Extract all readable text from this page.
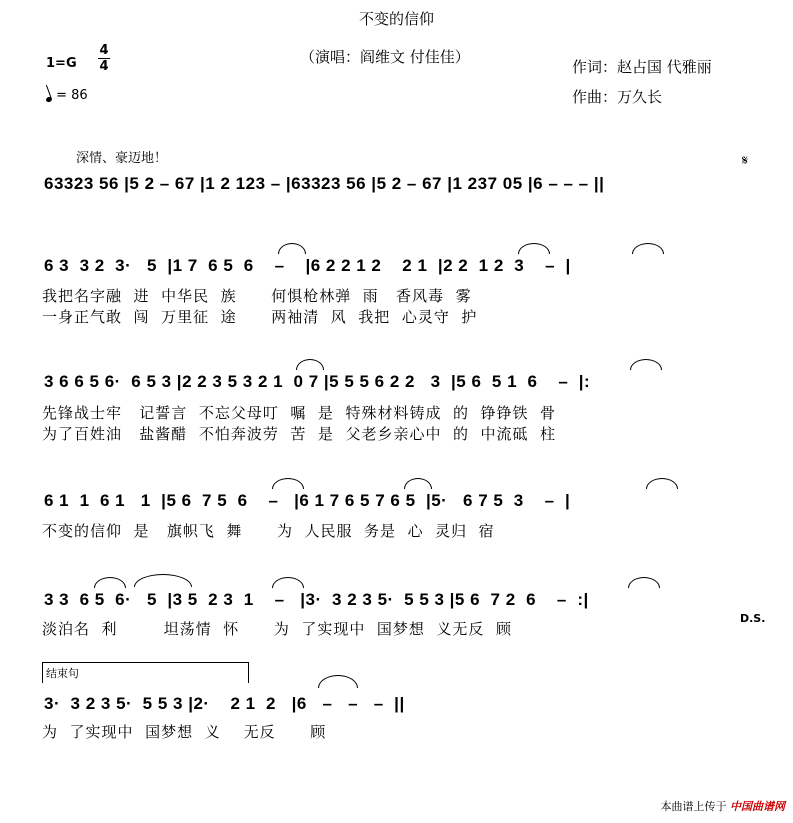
不变的信仰
（演唱：阎维文 付佳佳）
作词：赵占国 代雅丽
作曲：万久长
1=G
4
4
= 86
深情、豪迈地！	𝄋
63323 56 |5 2 – 67 |1 2 123 – |63323 56 |5 2 – 67 |1 237 05 |6 – – – ||
6 3  3 2  3·   5  |1 7  6 5  6    –    |6 2 2 1 2    2 1  |2 2  1 2  3    –  |
我把名字融  进  中华民  族      何惧枪林弹  雨   香风毒  雾
一身正气敢  闯  万里征  途      两袖清  风  我把  心灵守  护
3 6 6 5 6·  6 5 3 |2 2 3 5 3 2 1  0 7 |5 5 5 6 2 2   3  |5 6  5 1  6    –  |:
先锋战士牢   记誓言  不忘父母叮  嘱  是  特殊材料铸成  的  铮铮铁  骨
为了百姓油   盐酱醋  不怕奔波劳  苦  是  父老乡亲心中  的  中流砥  柱
6 1  1  6 1   1  |5 6  7 5  6    –   |6 1 7 6 5 7 6 5  |5·   6 7 5  3    –  |
不变的信仰  是   旗帜飞  舞      为  人民服  务是  心  灵归  宿
3 3  6 5  6·   5  |3 5  2 3  1    –   |3·  3 2 3 5·  5 5 3 |5 6  7 2  6    –  :|
淡泊名  利        坦荡情  怀      为  了实现中  国梦想  义无反  顾
D.S.
结束句
3·  3 2 3 5·  5 5 3 |2·    2 1  2   |6   –   –   –  ||
为  了实现中  国梦想  义    无反      顾
本曲谱上传于 中国曲谱网
